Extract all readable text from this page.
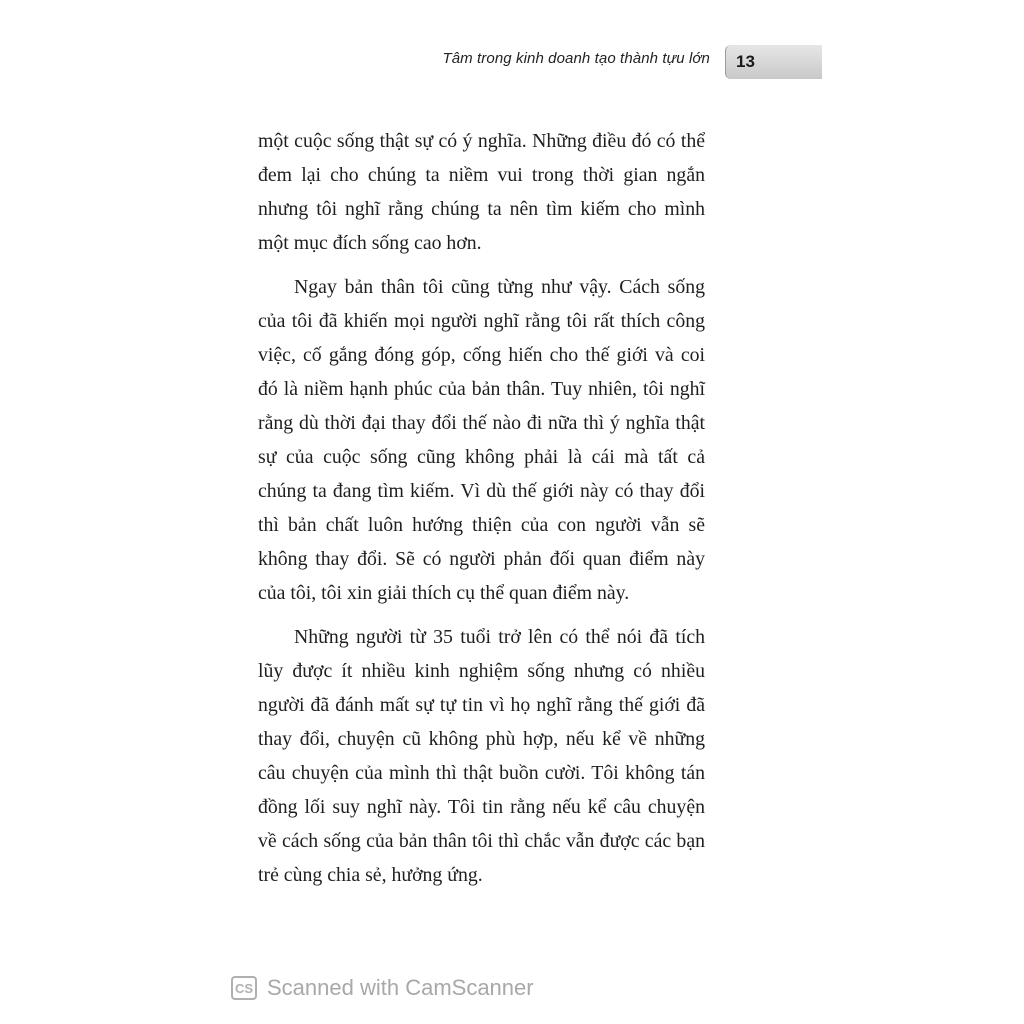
Tâm trong kinh doanh tạo thành tựu lớn 13

một cuộc sống thật sự có ý nghĩa. Những điều đó có thể đem lại cho chúng ta niềm vui trong thời gian ngắn nhưng tôi nghĩ rằng chúng ta nên tìm kiếm cho mình một mục đích sống cao hơn.

Ngay bản thân tôi cũng từng như vậy. Cách sống của tôi đã khiến mọi người nghĩ rằng tôi rất thích công việc, cố gắng đóng góp, cống hiến cho thế giới và coi đó là niềm hạnh phúc của bản thân. Tuy nhiên, tôi nghĩ rằng dù thời đại thay đổi thế nào đi nữa thì ý nghĩa thật sự của cuộc sống cũng không phải là cái mà tất cả chúng ta đang tìm kiếm. Vì dù thế giới này có thay đổi thì bản chất luôn hướng thiện của con người vẫn sẽ không thay đổi. Sẽ có người phản đối quan điểm này của tôi, tôi xin giải thích cụ thể quan điểm này.

Những người từ 35 tuổi trở lên có thể nói đã tích lũy được ít nhiều kinh nghiệm sống nhưng có nhiều người đã đánh mất sự tự tin vì họ nghĩ rằng thế giới đã thay đổi, chuyện cũ không phù hợp, nếu kể về những câu chuyện của mình thì thật buồn cười. Tôi không tán đồng lối suy nghĩ này. Tôi tin rằng nếu kể câu chuyện về cách sống của bản thân tôi thì chắc vẫn được các bạn trẻ cùng chia sẻ, hưởng ứng.

CS Scanned with CamScanner
